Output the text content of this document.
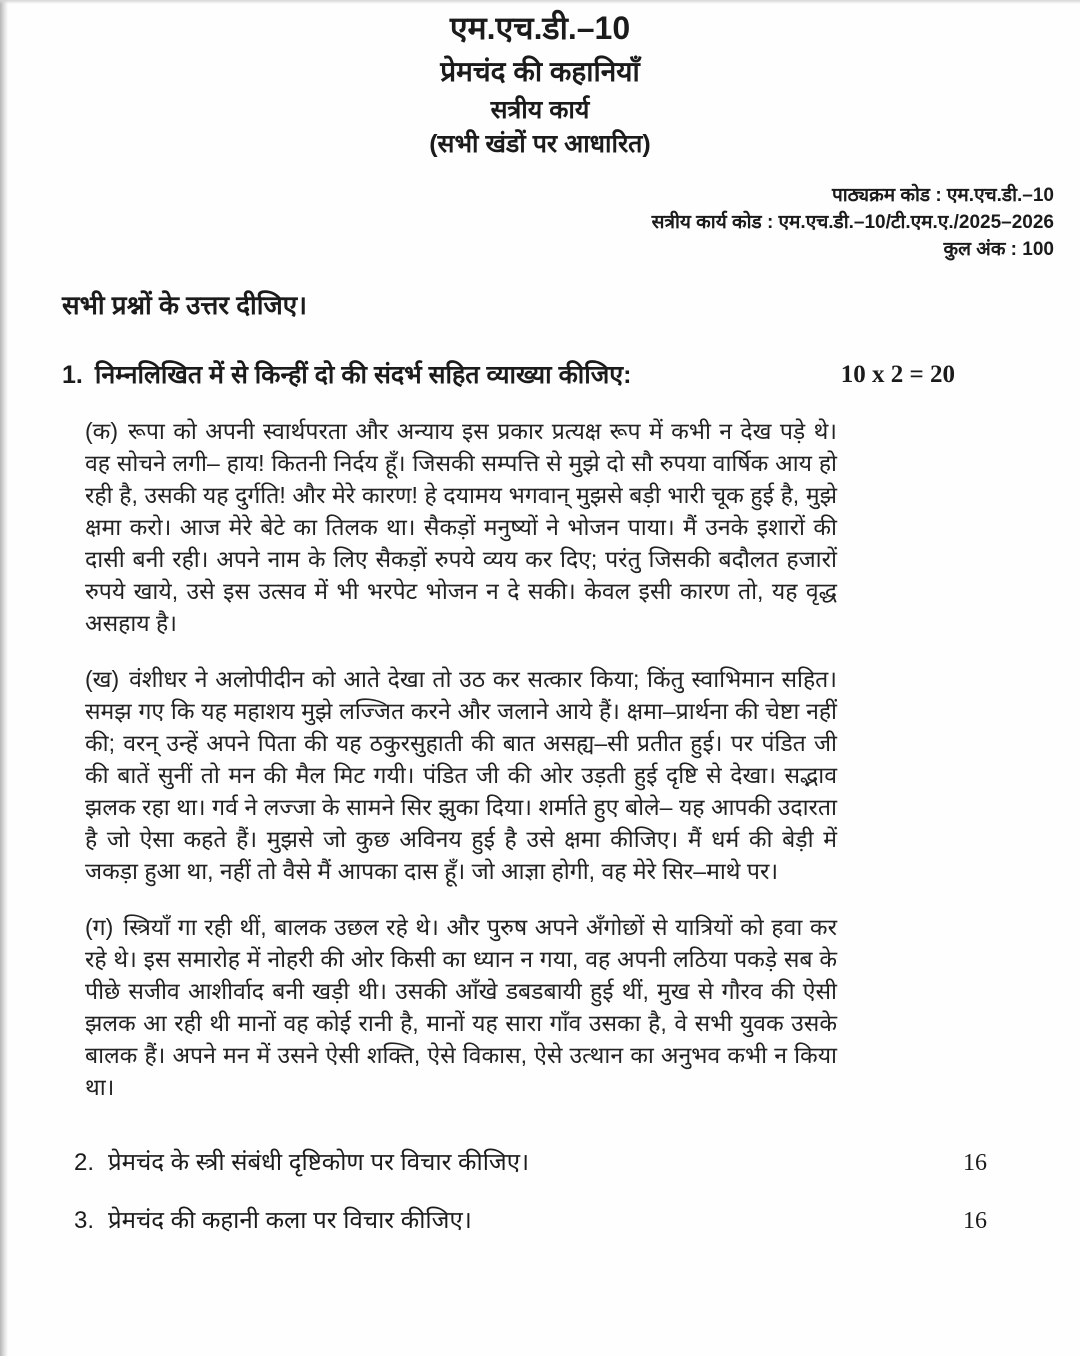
एम.एच.डी.–10
प्रेमचंद की कहानियाँ
सत्रीय कार्य
(सभी खंडों पर आधारित)
पाठ्यक्रम कोड : एम.एच.डी.–10
सत्रीय कार्य कोड : एम.एच.डी.–10/टी.एम.ए./2025–2026
कुल अंक : 100
सभी प्रश्नों के उत्तर दीजिए।
1. निम्नलिखित में से किन्हीं दो की संदर्भ सहित व्याख्या कीजिए:	10 x 2 = 20

(क) रूपा को अपनी स्वार्थपरता और अन्याय इस प्रकार प्रत्यक्ष रूप में कभी न देख पड़े थे। वह सोचने लगी– हाय! कितनी निर्दय हूँ। जिसकी सम्पत्ति से मुझे दो सौ रुपया वार्षिक आय हो रही है, उसकी यह दुर्गति! और मेरे कारण! हे दयामय भगवान् मुझसे बड़ी भारी चूक हुई है, मुझे क्षमा करो। आज मेरे बेटे का तिलक था। सैकड़ों मनुष्यों ने भोजन पाया। मैं उनके इशारों की दासी बनी रही। अपने नाम के लिए सैकड़ों रुपये व्यय कर दिए; परंतु जिसकी बदौलत हजारों रुपये खाये, उसे इस उत्सव में भी भरपेट भोजन न दे सकी। केवल इसी कारण तो, यह वृद्ध असहाय है।

(ख) वंशीधर ने अलोपीदीन को आते देखा तो उठ कर सत्कार किया; किंतु स्वाभिमान सहित। समझ गए कि यह महाशय मुझे लज्जित करने और जलाने आये हैं। क्षमा–प्रार्थना की चेष्टा नहीं की; वरन् उन्हें अपने पिता की यह ठकुरसुहाती की बात असह्य–सी प्रतीत हुई। पर पंडित जी की बातें सुनीं तो मन की मैल मिट गयी। पंडित जी की ओर उड़ती हुई दृष्टि से देखा। सद्भाव झलक रहा था। गर्व ने लज्जा के सामने सिर झुका दिया। शर्माते हुए बोले– यह आपकी उदारता है जो ऐसा कहते हैं। मुझसे जो कुछ अविनय हुई है उसे क्षमा कीजिए। मैं धर्म की बेड़ी में जकड़ा हुआ था, नहीं तो वैसे मैं आपका दास हूँ। जो आज्ञा होगी, वह मेरे सिर–माथे पर।

(ग) स्त्रियाँ गा रही थीं, बालक उछल रहे थे। और पुरुष अपने अँगोछों से यात्रियों को हवा कर रहे थे। इस समारोह में नोहरी की ओर किसी का ध्यान न गया, वह अपनी लठिया पकड़े सब के पीछे सजीव आशीर्वाद बनी खड़ी थी। उसकी आँखे डबडबायी हुई थीं, मुख से गौरव की ऐसी झलक आ रही थी मानों वह कोई रानी है, मानों यह सारा गाँव उसका है, वे सभी युवक उसके बालक हैं। अपने मन में उसने ऐसी शक्ति, ऐसे विकास, ऐसे उत्थान का अनुभव कभी न किया था।

2. प्रेमचंद के स्त्री संबंधी दृष्टिकोण पर विचार कीजिए।	16
3. प्रेमचंद की कहानी कला पर विचार कीजिए।	16
